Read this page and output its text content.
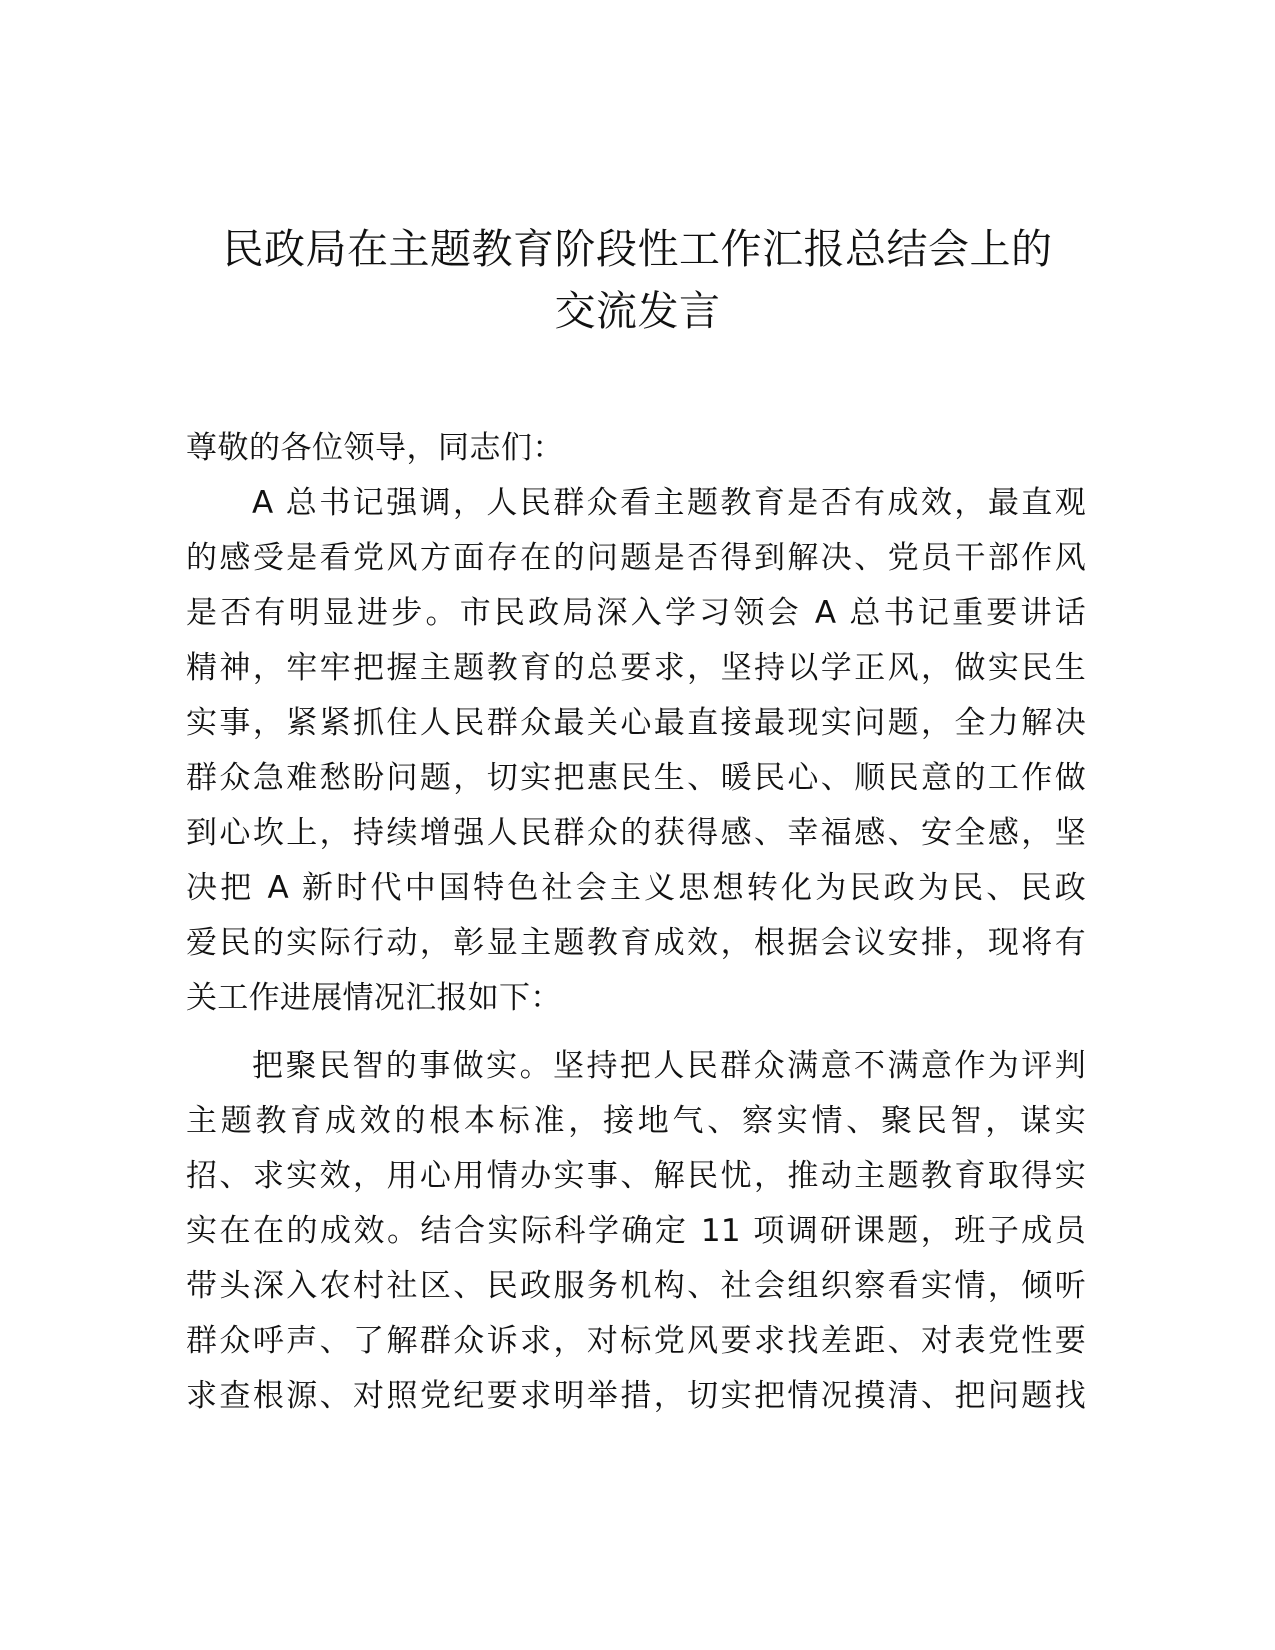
民政局在主题教育阶段性工作汇报总结会上的
交流发言
尊敬的各位领导，同志们：
A 总书记强调，人民群众看主题教育是否有成效，最直观
的感受是看党风方面存在的问题是否得到解决、党员干部作风
是否有明显进步。市民政局深入学习领会 A 总书记重要讲话
精神，牢牢把握主题教育的总要求，坚持以学正风，做实民生
实事，紧紧抓住人民群众最关心最直接最现实问题，全力解决
群众急难愁盼问题，切实把惠民生、暖民心、顺民意的工作做
到心坎上，持续增强人民群众的获得感、幸福感、安全感，坚
决把 A 新时代中国特色社会主义思想转化为民政为民、民政
爱民的实际行动，彰显主题教育成效，根据会议安排，现将有
关工作进展情况汇报如下：
把聚民智的事做实。坚持把人民群众满意不满意作为评判
主题教育成效的根本标准，接地气、察实情、聚民智，谋实
招、求实效，用心用情办实事、解民忧，推动主题教育取得实
实在在的成效。结合实际科学确定 11 项调研课题，班子成员
带头深入农村社区、民政服务机构、社会组织察看实情，倾听
群众呼声、了解群众诉求，对标党风要求找差距、对表党性要
求查根源、对照党纪要求明举措，切实把情况摸清、把问题找
